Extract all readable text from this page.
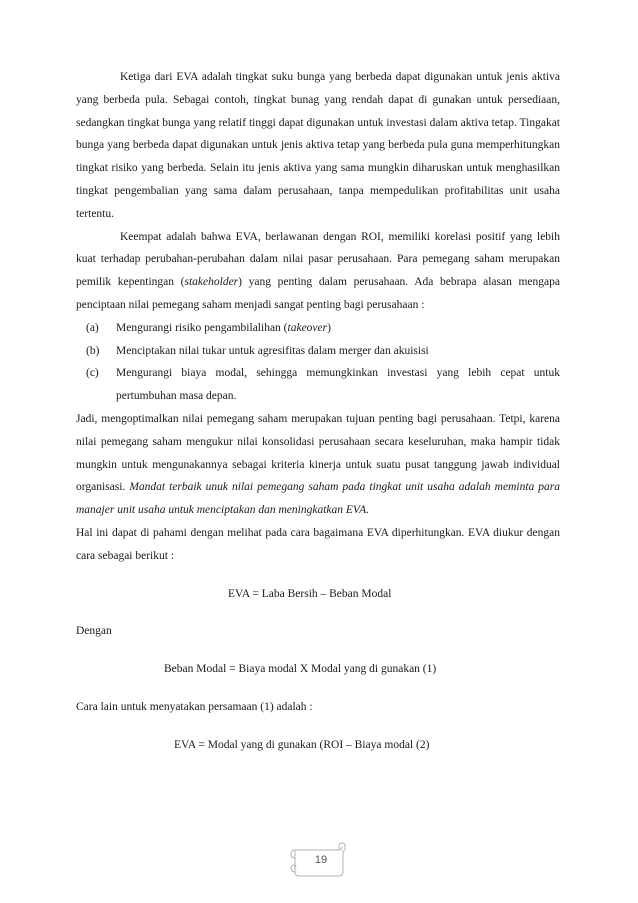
Ketiga dari EVA adalah tingkat suku bunga yang berbeda dapat digunakan untuk jenis aktiva yang berbeda pula. Sebagai contoh, tingkat bunag yang rendah dapat di gunakan untuk persediaan, sedangkan tingkat bunga yang relatif tinggi dapat digunakan untuk investasi dalam aktiva tetap. Tingakat bunga yang berbeda dapat digunakan untuk jenis aktiva tetap yang berbeda pula guna memperhitungkan tingkat risiko yang berbeda. Selain itu jenis aktiva yang sama mungkin diharuskan untuk menghasilkan tingkat pengembalian yang sama dalam perusahaan, tanpa mempedulikan profitabilitas unit usaha tertentu.

Keempat adalah bahwa EVA, berlawanan dengan ROI, memiliki korelasi positif yang lebih kuat terhadap perubahan-perubahan dalam nilai pasar perusahaan. Para pemegang saham merupakan pemilik kepentingan (stakeholder) yang penting dalam perusahaan. Ada bebrapa alasan mengapa penciptaan nilai pemegang saham menjadi sangat penting bagi perusahaan :

(a)	Mengurangi risiko pengambilalihan (takeover)
(b)	Menciptakan nilai tukar untuk agresifitas dalam merger dan akuisisi
(c)	Mengurangi biaya modal, sehingga memungkinkan investasi yang lebih cepat untuk pertumbuhan masa depan.

Jadi, mengoptimalkan nilai pemegang saham merupakan tujuan penting bagi perusahaan. Tetpi, karena nilai pemegang saham mengukur nilai konsolidasi perusahaan secara keseluruhan, maka hampir tidak mungkin untuk mengunakannya sebagai kriteria kinerja untuk suatu pusat tanggung jawab individual organisasi. Mandat terbaik unuk nilai pemegang saham pada tingkat unit usaha adalah meminta para manajer unit usaha untuk menciptakan dan meningkatkan EVA.

Hal ini dapat di pahami dengan melihat pada cara bagaimana EVA diperhitungkan. EVA diukur dengan cara sebagai berikut :

EVA = Laba Bersih – Beban Modal

Dengan

Beban Modal = Biaya modal X Modal yang di gunakan (1)

Cara lain untuk menyatakan persamaan (1) adalah :

EVA = Modal yang di gunakan (ROI – Biaya modal (2)

19
